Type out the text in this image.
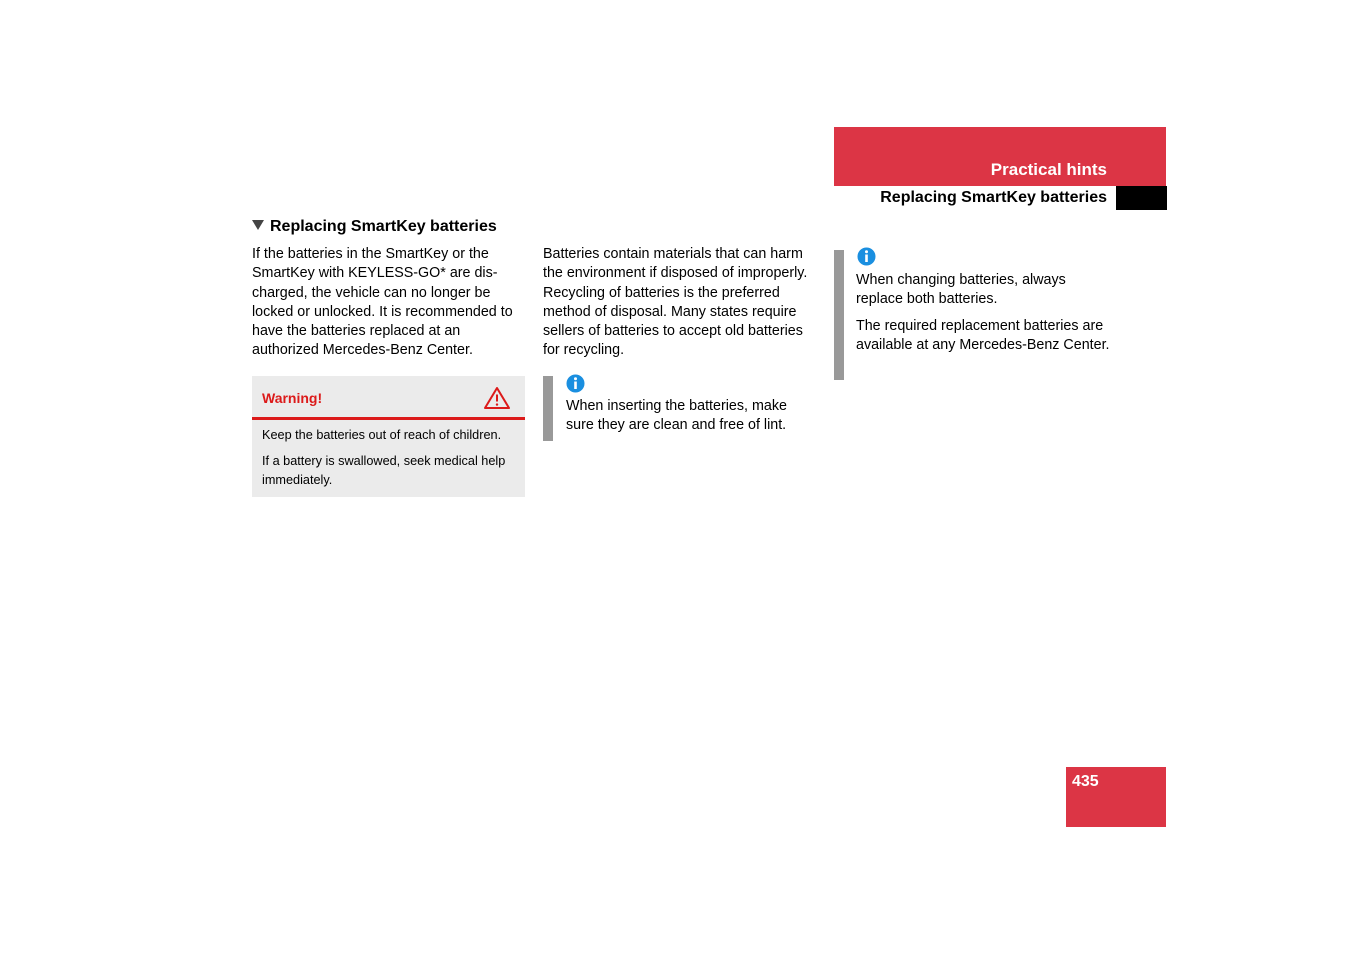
Practical hints
Replacing SmartKey batteries
Replacing SmartKey batteries
If the batteries in the SmartKey or the SmartKey with KEYLESS-GO* are dis-charged, the vehicle can no longer be locked or unlocked. It is recommended to have the batteries replaced at an authorized Mercedes-Benz Center.
Warning!

Keep the batteries out of reach of children.

If a battery is swallowed, seek medical help immediately.

Batteries contain materials that can harm the environment if disposed of improperly. Recycling of batteries is the preferred method of disposal. Many states require sellers of batteries to accept old batteries for recycling.
When inserting the batteries, make sure they are clean and free of lint.

When changing batteries, always replace both batteries.

The required replacement batteries are available at any Mercedes-Benz Center.

435
